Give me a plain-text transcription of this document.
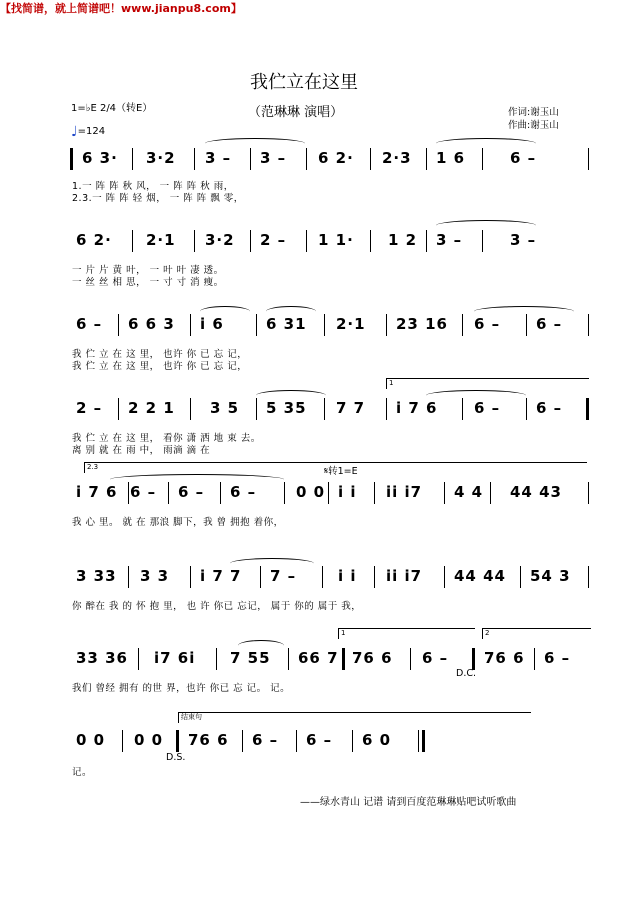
【找简谱，就上简谱吧！www.jianpu8.com】
我伫立在这里
（范琳琳 演唱）	作词:谢玉山
作曲:谢玉山
1=♭E 2/4（转E）
♩=124
6 3· 3·2 3 – 3 – 6 2· 2·3 1 6	6 –
1.一 阵 阵 秋 风， 一 阵 阵 秋 雨，
2.3.一 阵 阵 轻 烟， 一 阵 阵 飘 零，
6 2· 2·1 3·2 2 – 1 1· 1 2 3 –	3 –
一 片 片 黄 叶， 一 叶 叶 凄 透。
一 丝 丝 相 思， 一 寸 寸 消 瘦。
6 – 6 6 3 i 6	6 31 2·1 23 16 6 – 6 –
我 伫 立 在 这 里， 也许 你 已 忘 记，
我 伫 立 在 这 里， 也许 你 已 忘 记，
1
2 – 2 2 1 3 5 5 35 7 7 i 7 6 6 – 6 –
我 伫 立 在 这 里， 看你 潇 洒 地 束 去。
离 别 就 在 雨 中， 雨滴 滴 在
2.3	𝄋转1=E
i 7 6 6 – 6 – 6 –	0 0 i i ii i7 4 4 44 43
我 心 里。 就 在 那浪 脚下，我 曾 拥抱 着你，
3 33 3 3 i 7 7 7 –	i i ii i7 44 44 54 3
你 醉在 我 的 怀 抱 里， 也 许 你已 忘记， 属于 你的 属于 我，
1	2
33 36 i7 6i 7 55 66 7 76 6 6 – 76 6 6 –
D.C.
我们 曾经 拥有 的世 界，也许 你已 忘 记。 记。
结束句
0 0 0 0 76 6 6 – 6 – 6 0
D.S.
记。
——绿水青山 记谱 请到百度范琳琳贴吧试听歌曲
